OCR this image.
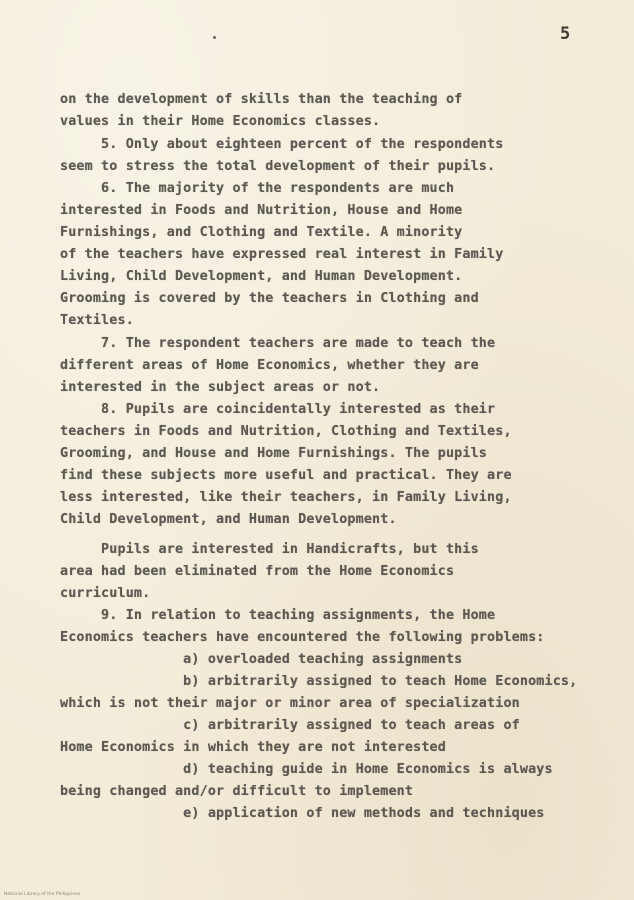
5
on the development of skills than the teaching of
values in their Home Economics classes.
5. Only about eighteen percent of the respondents
seem to stress the total development of their pupils.
6. The majority of the respondents are much
interested in Foods and Nutrition, House and Home
Furnishings, and Clothing and Textile. A minority
of the teachers have expressed real interest in Family
Living, Child Development, and Human Development.
Grooming is covered by the teachers in Clothing and
Textiles.
7. The respondent teachers are made to teach the
different areas of Home Economics, whether they are
interested in the subject areas or not.
8. Pupils are coincidentally interested as their
teachers in Foods and Nutrition, Clothing and Textiles,
Grooming, and House and Home Furnishings. The pupils
find these subjects more useful and practical. They are
less interested, like their teachers, in Family Living,
Child Development, and Human Development.
Pupils are interested in Handicrafts, but this
area had been eliminated from the Home Economics
curriculum.
9. In relation to teaching assignments, the Home
Economics teachers have encountered the following problems:
a) overloaded teaching assignments
b) arbitrarily assigned to teach Home Economics,
which is not their major or minor area of specialization
c) arbitrarily assigned to teach areas of
Home Economics in which they are not interested
d) teaching guide in Home Economics is always
being changed and/or difficult to implement
e) application of new methods and techniques
National Library of the Philippines
